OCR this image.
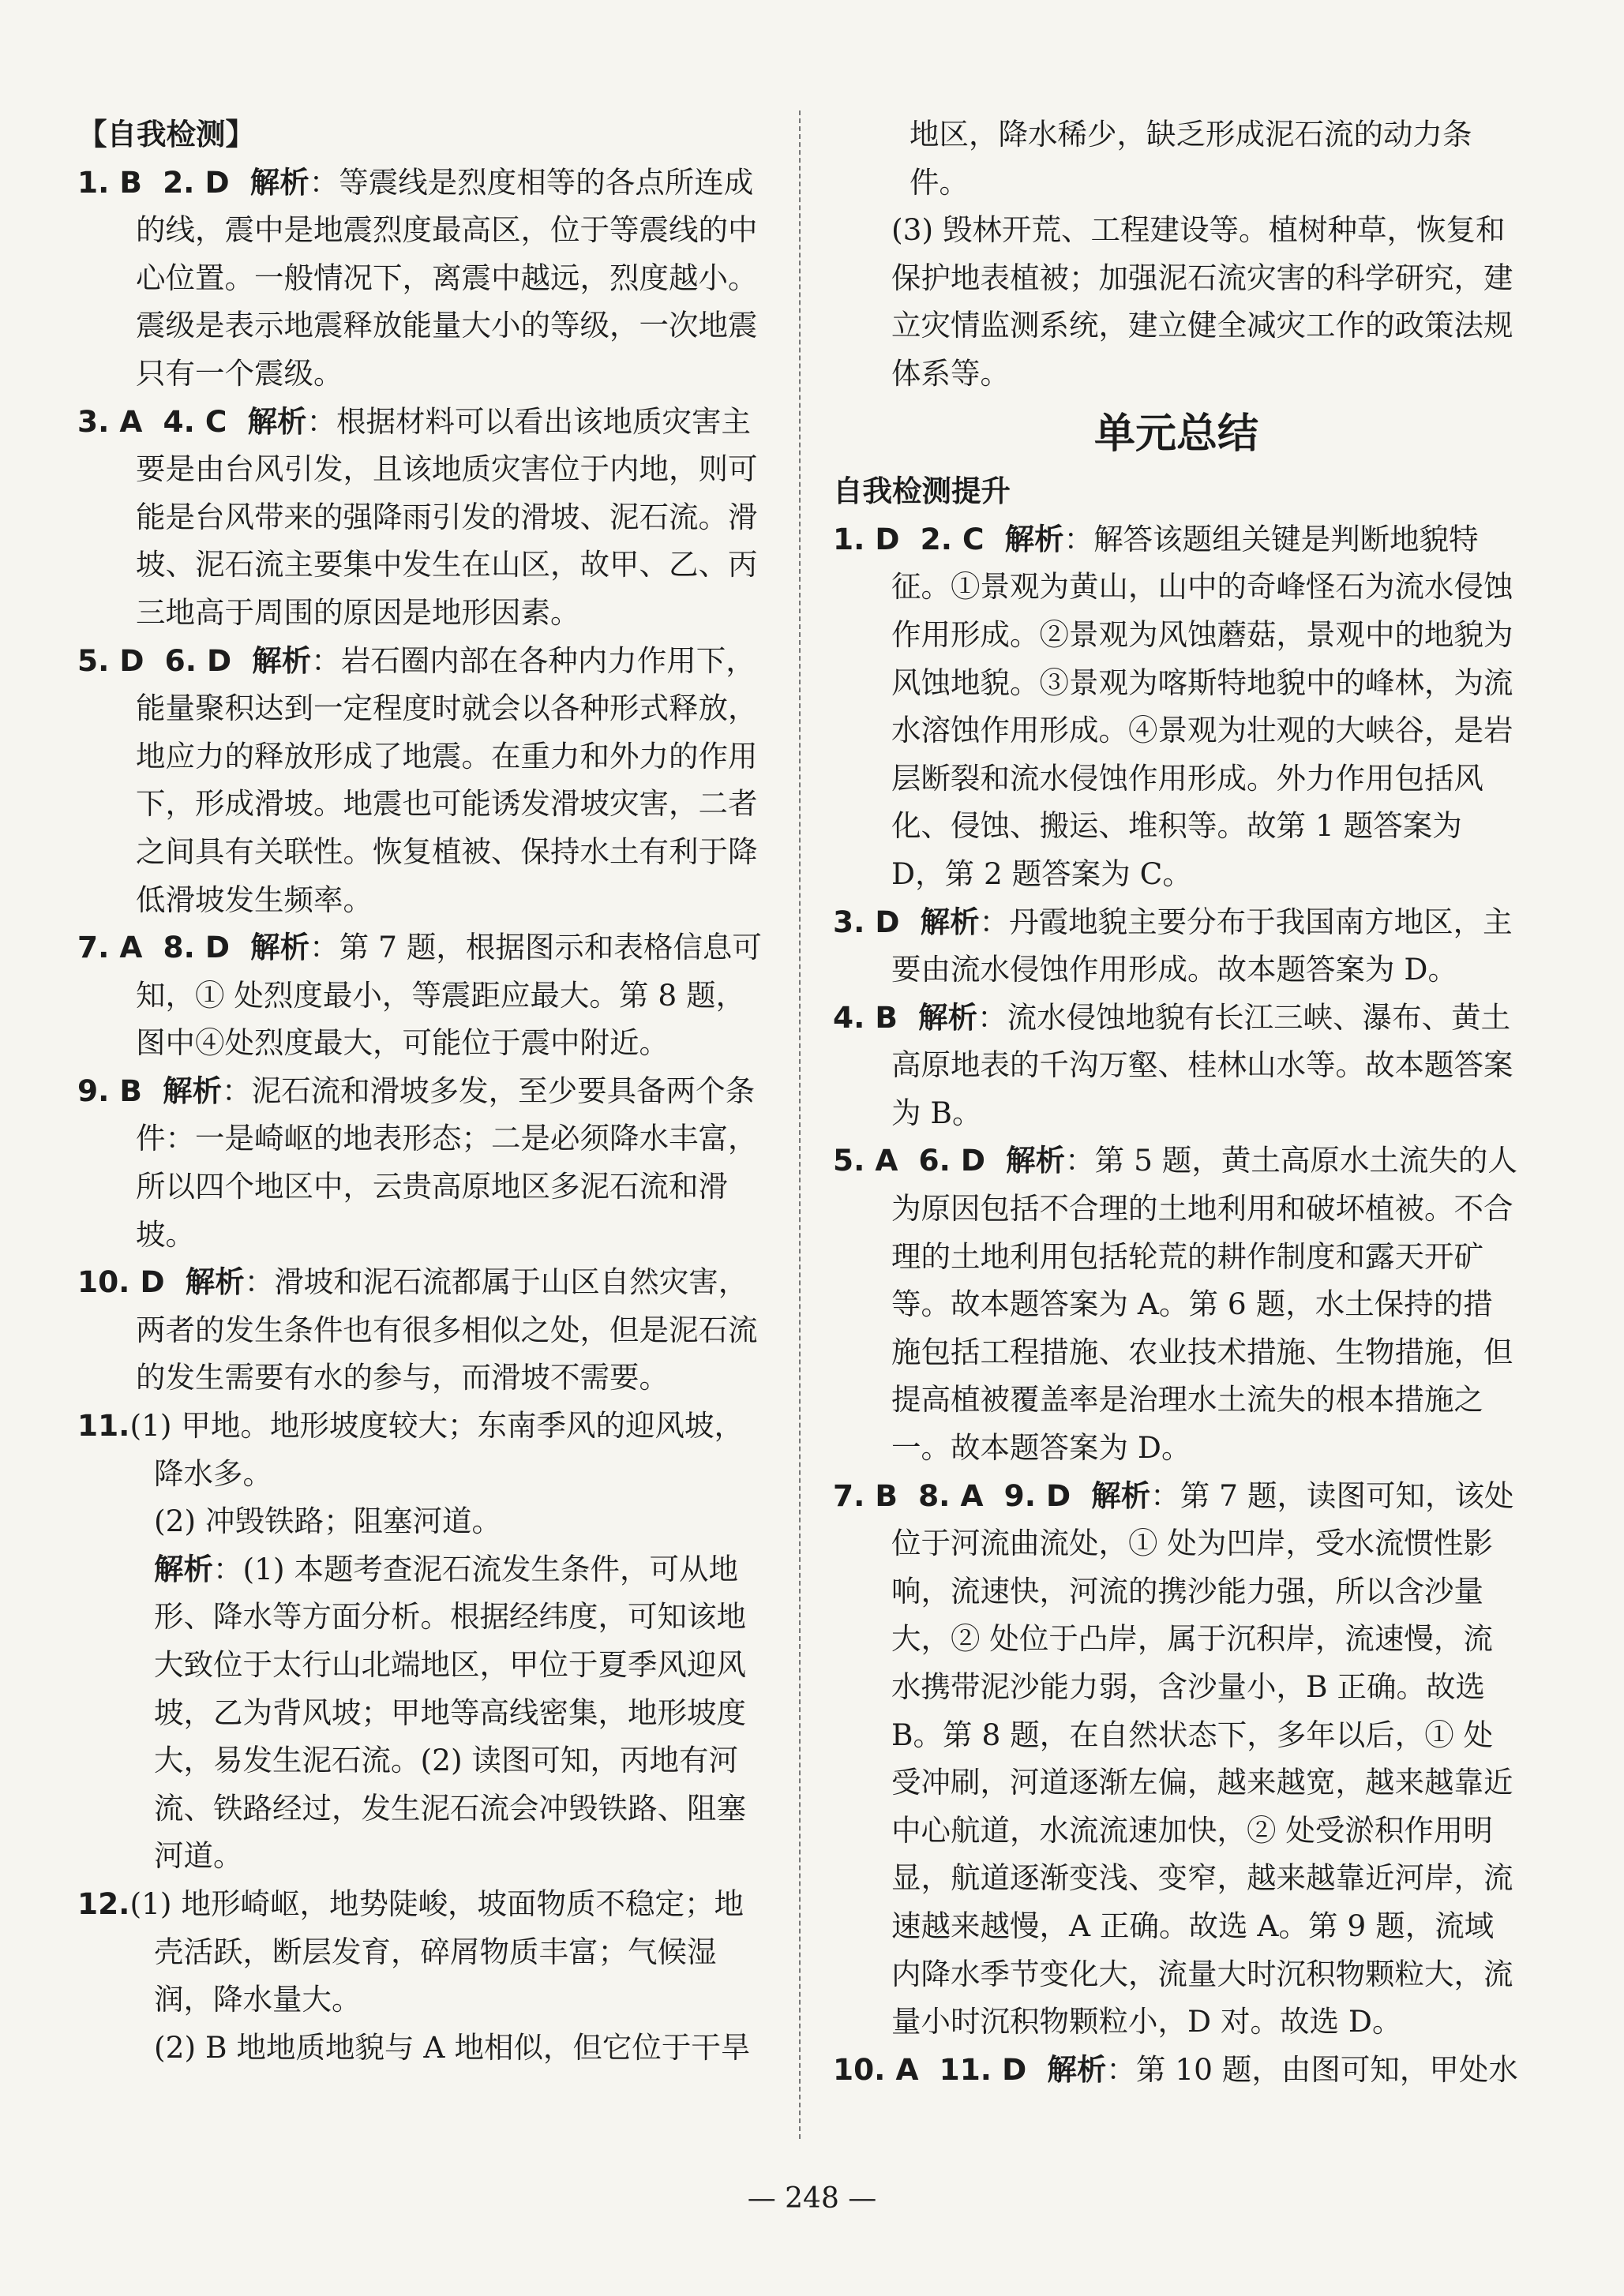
【自我检测】

1. B  2. D  解析：等震线是烈度相等的各点所连成的线，震中是地震烈度最高区，位于等震线的中心位置。一般情况下，离震中越远，烈度越小。震级是表示地震释放能量大小的等级，一次地震只有一个震级。

3. A  4. C  解析：根据材料可以看出该地质灾害主要是由台风引发，且该地质灾害位于内地，则可能是台风带来的强降雨引发的滑坡、泥石流。滑坡、泥石流主要集中发生在山区，故甲、乙、丙三地高于周围的原因是地形因素。

5. D  6. D  解析：岩石圈内部在各种内力作用下，能量聚积达到一定程度时就会以各种形式释放，地应力的释放形成了地震。在重力和外力的作用下，形成滑坡。地震也可能诱发滑坡灾害，二者之间具有关联性。恢复植被、保持水土有利于降低滑坡发生频率。

7. A  8. D  解析：第 7 题，根据图示和表格信息可知，① 处烈度最小，等震距应最大。第 8 题，图中④处烈度最大，可能位于震中附近。

9. B  解析：泥石流和滑坡多发，至少要具备两个条件：一是崎岖的地表形态；二是必须降水丰富，所以四个地区中，云贵高原地区多泥石流和滑坡。

10. D  解析：滑坡和泥石流都属于山区自然灾害，两者的发生条件也有很多相似之处，但是泥石流的发生需要有水的参与，而滑坡不需要。

11.(1) 甲地。地形坡度较大；东南季风的迎风坡，降水多。

(2) 冲毁铁路；阻塞河道。

解析：(1) 本题考查泥石流发生条件，可从地形、降水等方面分析。根据经纬度，可知该地大致位于太行山北端地区，甲位于夏季风迎风坡，乙为背风坡；甲地等高线密集，地形坡度大，易发生泥石流。(2) 读图可知，丙地有河流、铁路经过，发生泥石流会冲毁铁路、阻塞河道。

12.(1) 地形崎岖，地势陡峻，坡面物质不稳定；地壳活跃，断层发育，碎屑物质丰富；气候湿润，降水量大。

(2) B 地地质地貌与 A 地相似，但它位于干旱

地区，降水稀少，缺乏形成泥石流的动力条件。

(3) 毁林开荒、工程建设等。植树种草，恢复和保护地表植被；加强泥石流灾害的科学研究，建立灾情监测系统，建立健全减灾工作的政策法规体系等。

单元总结

自我检测提升

1. D  2. C  解析：解答该题组关键是判断地貌特征。①景观为黄山，山中的奇峰怪石为流水侵蚀作用形成。②景观为风蚀蘑菇，景观中的地貌为风蚀地貌。③景观为喀斯特地貌中的峰林，为流水溶蚀作用形成。④景观为壮观的大峡谷，是岩层断裂和流水侵蚀作用形成。外力作用包括风化、侵蚀、搬运、堆积等。故第 1 题答案为 D，第 2 题答案为 C。

3. D  解析：丹霞地貌主要分布于我国南方地区，主要由流水侵蚀作用形成。故本题答案为 D。

4. B  解析：流水侵蚀地貌有长江三峡、瀑布、黄土高原地表的千沟万壑、桂林山水等。故本题答案为 B。

5. A  6. D  解析：第 5 题，黄土高原水土流失的人为原因包括不合理的土地利用和破坏植被。不合理的土地利用包括轮荒的耕作制度和露天开矿等。故本题答案为 A。第 6 题，水土保持的措施包括工程措施、农业技术措施、生物措施，但提高植被覆盖率是治理水土流失的根本措施之一。故本题答案为 D。

7. B  8. A  9. D  解析：第 7 题，读图可知，该处位于河流曲流处，① 处为凹岸，受水流惯性影响，流速快，河流的携沙能力强，所以含沙量大，② 处位于凸岸，属于沉积岸，流速慢，流水携带泥沙能力弱，含沙量小，B 正确。故选 B。第 8 题，在自然状态下，多年以后，① 处受冲刷，河道逐渐左偏，越来越宽，越来越靠近中心航道，水流流速加快，② 处受淤积作用明显，航道逐渐变浅、变窄，越来越靠近河岸，流速越来越慢，A 正确。故选 A。第 9 题，流域内降水季节变化大，流量大时沉积物颗粒大，流量小时沉积物颗粒小，D 对。故选 D。

10. A  11. D  解析：第 10 题，由图可知，甲处水

— 248 —
